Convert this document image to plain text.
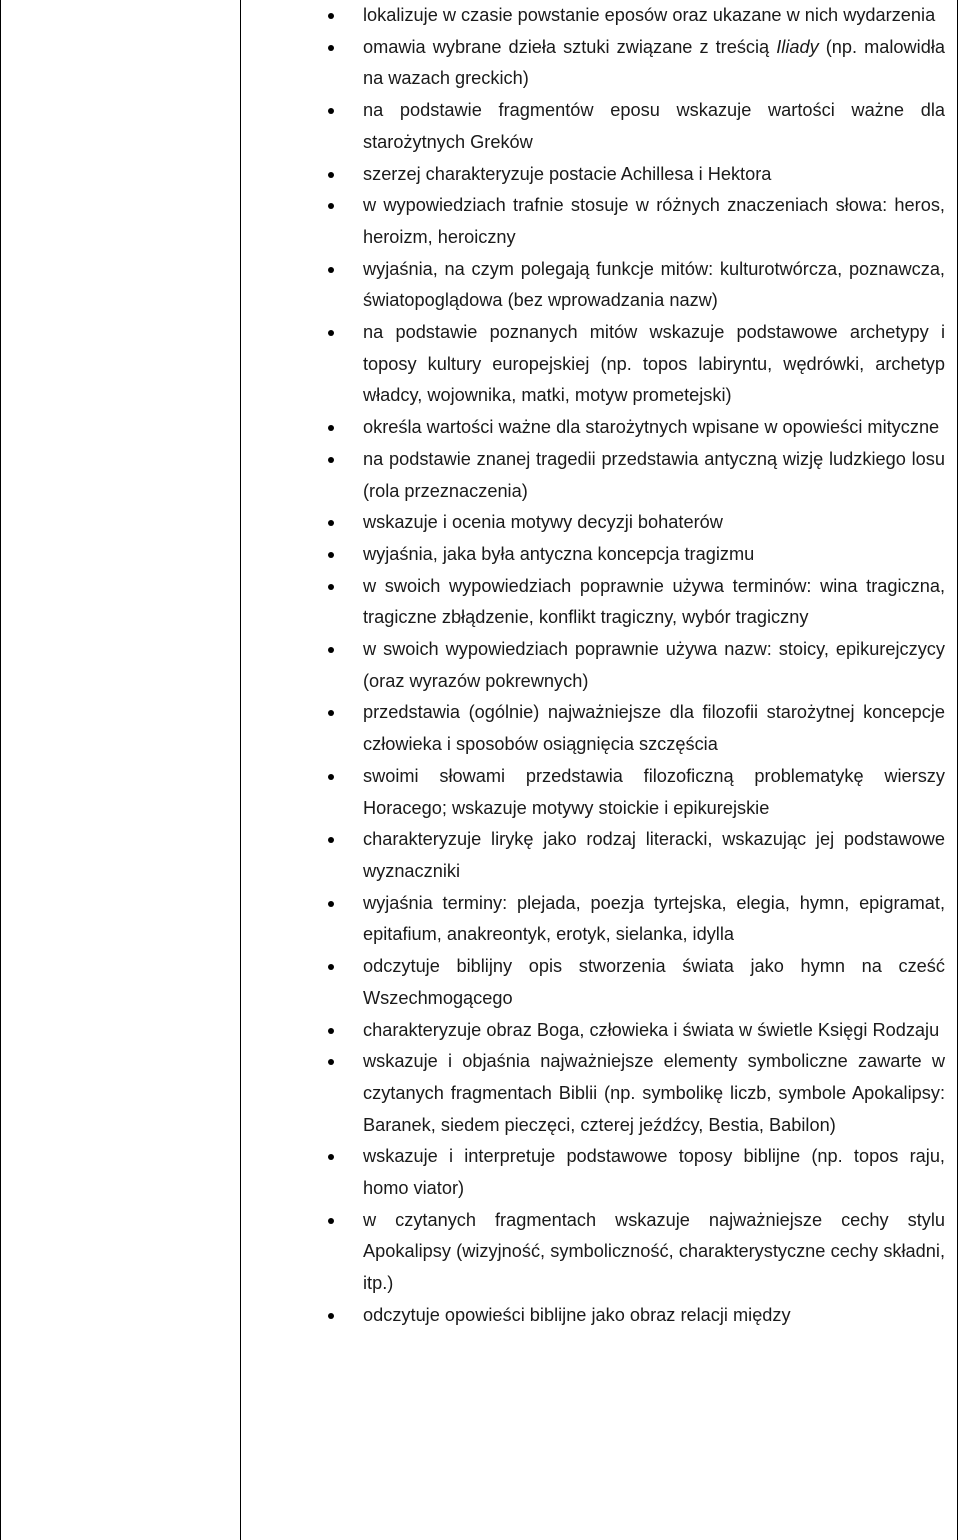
lokalizuje w czasie powstanie eposów oraz ukazane w nich wydarzenia
omawia wybrane dzieła sztuki związane z treścią Iliady (np. malowidła na wazach greckich)
na podstawie fragmentów eposu wskazuje wartości ważne dla starożytnych Greków
szerzej charakteryzuje postacie Achillesa i Hektora
w wypowiedziach trafnie stosuje w różnych znaczeniach słowa: heros, heroizm, heroiczny
wyjaśnia, na czym polegają funkcje mitów: kulturotwórcza, poznawcza, światopoglądowa (bez wprowadzania nazw)
na podstawie poznanych mitów wskazuje podstawowe archetypy i toposy kultury europejskiej (np. topos labiryntu, wędrówki, archetyp władcy, wojownika, matki, motyw prometejski)
określa wartości ważne dla starożytnych wpisane w opowieści mityczne
na podstawie znanej tragedii przedstawia antyczną wizję ludzkiego losu (rola przeznaczenia)
wskazuje i ocenia motywy decyzji bohaterów
wyjaśnia, jaka była antyczna koncepcja tragizmu
w swoich wypowiedziach poprawnie używa terminów: wina tragiczna, tragiczne zbłądzenie, konflikt tragiczny, wybór tragiczny
w swoich wypowiedziach poprawnie używa nazw: stoicy, epikurejczycy (oraz wyrazów pokrewnych)
przedstawia (ogólnie) najważniejsze dla filozofii starożytnej koncepcje człowieka i sposobów osiągnięcia szczęścia
swoimi słowami przedstawia filozoficzną problematykę wierszy Horacego; wskazuje motywy stoickie i epikurejskie
charakteryzuje lirykę jako rodzaj literacki, wskazując jej podstawowe wyznaczniki
wyjaśnia terminy: plejada, poezja tyrtejska, elegia, hymn, epigramat, epitafium, anakreontyk, erotyk, sielanka, idylla
odczytuje biblijny opis stworzenia świata jako hymn na cześć Wszechmogącego
charakteryzuje obraz Boga, człowieka i świata w świetle Księgi Rodzaju
wskazuje i objaśnia najważniejsze elementy symboliczne zawarte w czytanych fragmentach Biblii (np. symbolikę liczb, symbole Apokalipsy: Baranek, siedem pieczęci, czterej jeźdźcy, Bestia, Babilon)
wskazuje i interpretuje podstawowe toposy biblijne (np. topos raju, homo viator)
w czytanych fragmentach wskazuje najważniejsze cechy stylu Apokalipsy (wizyjność, symboliczność, charakterystyczne cechy składni, itp.)
odczytuje opowieści biblijne jako obraz relacji między
